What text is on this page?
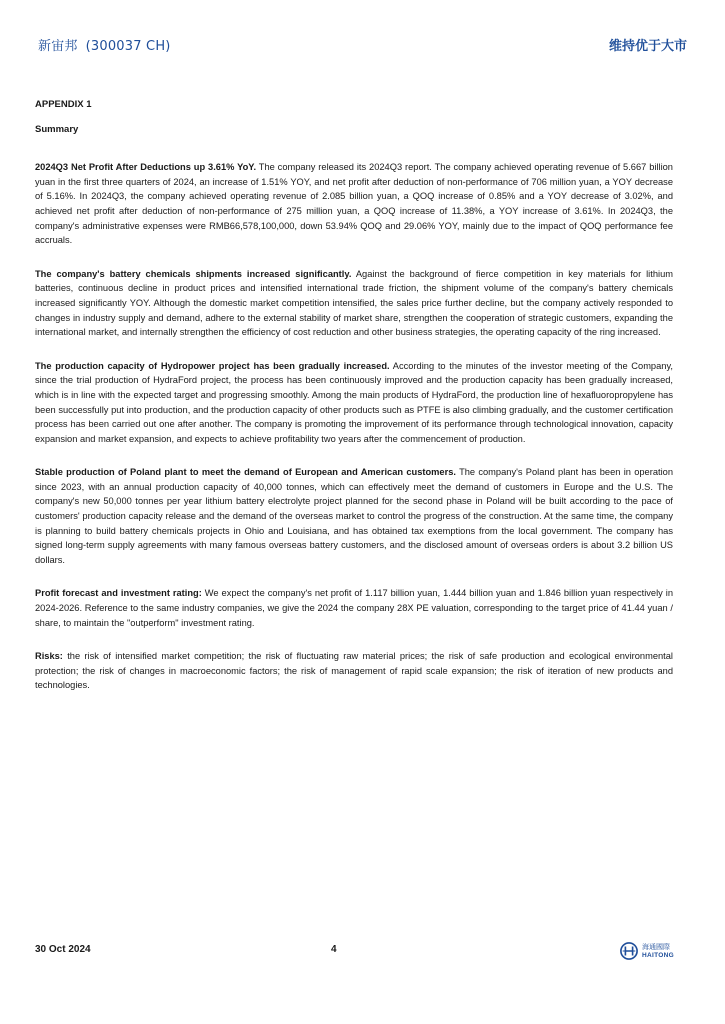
新宙邦 (300037 CH)	维持优于大市
APPENDIX 1
Summary

2024Q3 Net Profit After Deductions up 3.61% YoY. The company released its 2024Q3 report. The company achieved operating revenue of 5.667 billion yuan in the first three quarters of 2024, an increase of 1.51% YOY, and net profit after deduction of non-performance of 706 million yuan, a YOY decrease of 5.16%. In 2024Q3, the company achieved operating revenue of 2.085 billion yuan, a QOQ increase of 0.85% and a YOY decrease of 3.02%, and achieved net profit after deduction of non-performance of 275 million yuan, a QOQ increase of 11.38%, a YOY increase of 3.61%. In 2024Q3, the company's administrative expenses were RMB66,578,100,000, down 53.94% QOQ and 29.06% YOY, mainly due to the impact of QOQ performance fee accruals.

The company's battery chemicals shipments increased significantly. Against the background of fierce competition in key materials for lithium batteries, continuous decline in product prices and intensified international trade friction, the shipment volume of the company's battery chemicals increased significantly YOY. Although the domestic market competition intensified, the sales price further decline, but the company actively responded to changes in industry supply and demand, adhere to the external stability of market share, strengthen the cooperation of strategic customers, expanding the international market, and internally strengthen the efficiency of cost reduction and other business strategies, the operating capacity of the ring increased.

The production capacity of Hydropower project has been gradually increased. According to the minutes of the investor meeting of the Company, since the trial production of HydraFord project, the process has been continuously improved and the production capacity has been gradually increased, which is in line with the expected target and progressing smoothly. Among the main products of HydraFord, the production line of hexafluoropropylene has been successfully put into production, and the production capacity of other products such as PTFE is also climbing gradually, and the customer certification process has been carried out one after another. The company is promoting the improvement of its performance through technological innovation, capacity expansion and market expansion, and expects to achieve profitability two years after the commencement of production.

Stable production of Poland plant to meet the demand of European and American customers. The company's Poland plant has been in operation since 2023, with an annual production capacity of 40,000 tonnes, which can effectively meet the demand of customers in Europe and the U.S. The company's new 50,000 tonnes per year lithium battery electrolyte project planned for the second phase in Poland will be built according to the pace of customers' production capacity release and the demand of the overseas market to control the progress of the construction. At the same time, the company is planning to build battery chemicals projects in Ohio and Louisiana, and has obtained tax exemptions from the local government. The company has signed long-term supply agreements with many famous overseas battery customers, and the disclosed amount of overseas orders is about 3.2 billion US dollars.

Profit forecast and investment rating: We expect the company's net profit of 1.117 billion yuan, 1.444 billion yuan and 1.846 billion yuan respectively in 2024-2026. Reference to the same industry companies, we give the 2024 the company 28X PE valuation, corresponding to the target price of 41.44 yuan / share, to maintain the "outperform" investment rating.

Risks: the risk of intensified market competition; the risk of fluctuating raw material prices; the risk of safe production and ecological environmental protection; the risk of changes in macroeconomic factors; the risk of management of rapid scale expansion; the risk of iteration of new products and technologies.

30 Oct 2024	4	海通國際
HAITONG
